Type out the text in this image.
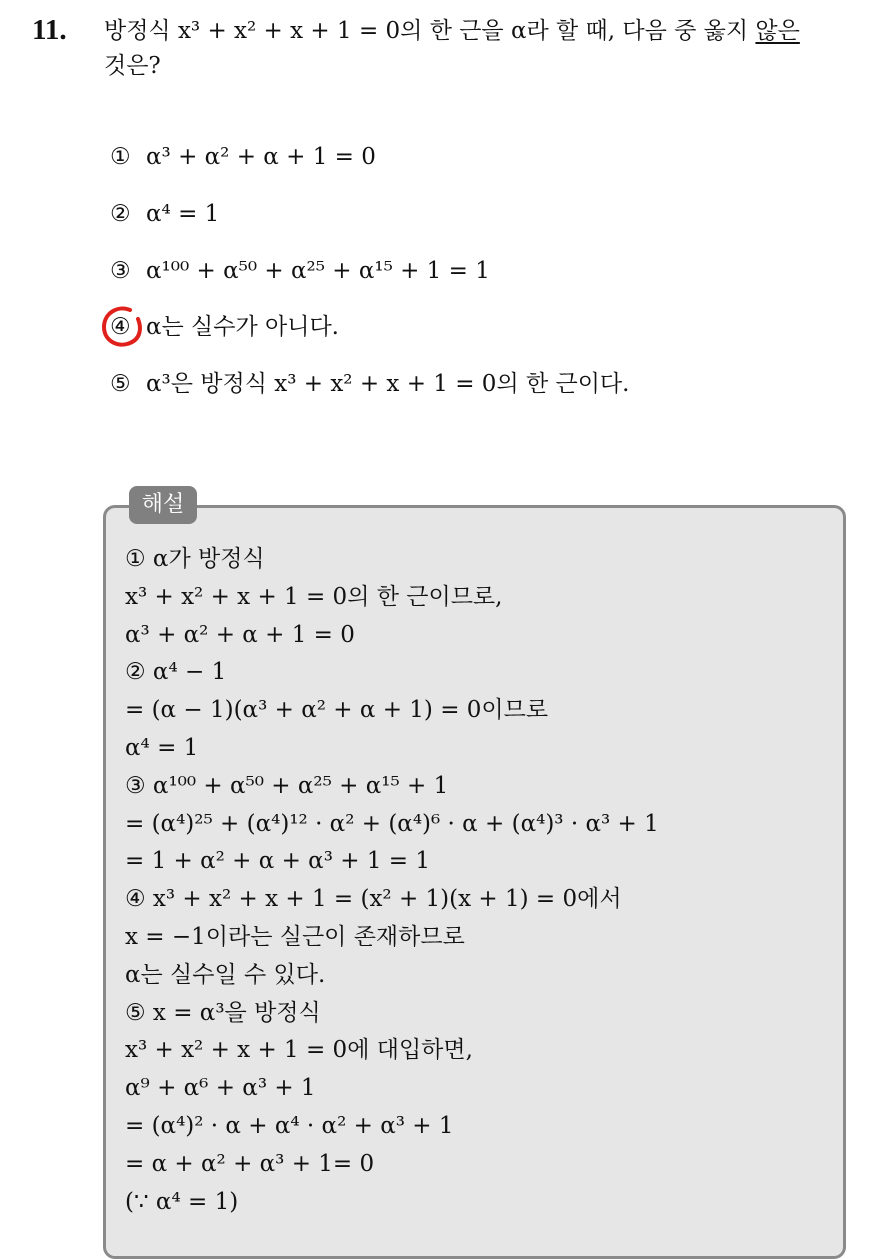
11. 방정식 x³ + x² + x + 1 = 0의 한 근을 α라 할 때, 다음 중 옳지 않은
것은?
① α³ + α² + α + 1 = 0
② α⁴ = 1
③ α¹⁰⁰ + α⁵⁰ + α²⁵ + α¹⁵ + 1 = 1
④ α는 실수가 아니다.
⑤ α³은 방정식 x³ + x² + x + 1 = 0의 한 근이다.
해설
① α가 방정식
x³ + x² + x + 1 = 0의 한 근이므로,
α³ + α² + α + 1 = 0
② α⁴ − 1
= (α − 1)(α³ + α² + α + 1) = 0이므로
α⁴ = 1
③ α¹⁰⁰ + α⁵⁰ + α²⁵ + α¹⁵ + 1
= (α⁴)²⁵ + (α⁴)¹² · α² + (α⁴)⁶ · α + (α⁴)³ · α³ + 1
= 1 + α² + α + α³ + 1 = 1
④ x³ + x² + x + 1 = (x² + 1)(x + 1) = 0에서
x = −1이라는 실근이 존재하므로
α는 실수일 수 있다.
⑤ x = α³을 방정식
x³ + x² + x + 1 = 0에 대입하면,
α⁹ + α⁶ + α³ + 1
= (α⁴)² · α + α⁴ · α² + α³ + 1
= α + α² + α³ + 1= 0
(∵ α⁴ = 1)
